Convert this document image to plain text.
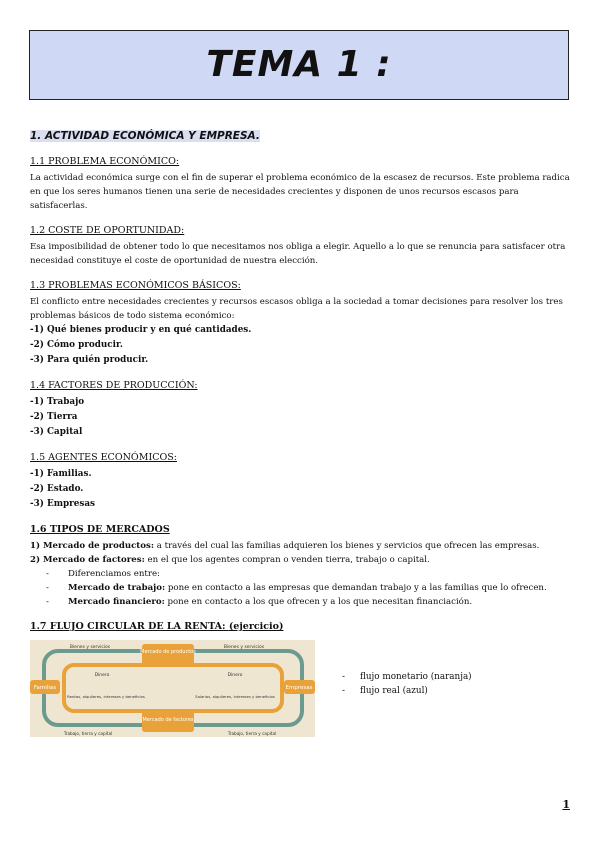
TEMA 1 :
1. ACTIVIDAD ECONÓMICA Y EMPRESA.
1.1 PROBLEMA ECONÓMICO:

La actividad económica surge con el fin de superar el problema económico de la escasez de recursos. Este problema radica en que los seres humanos tienen una serie de necesidades crecientes y disponen de unos recursos escasos para satisfacerlas.

1.2 COSTE DE OPORTUNIDAD:

Esa imposibilidad de obtener todo lo que necesitamos nos obliga a elegir. Aquello a lo que se renuncia para satisfacer otra necesidad constituye el coste de oportunidad de nuestra elección.

1.3 PROBLEMAS ECONÓMICOS BÁSICOS:

El conflicto entre necesidades crecientes y recursos escasos obliga a la sociedad a tomar decisiones para resolver los tres problemas básicos de todo sistema económico:

-1) Qué bienes producir y en qué cantidades.
-2) Cómo producir.
-3) Para quién producir.
1.4 FACTORES DE PRODUCCIÓN:
-1) Trabajo
-2) Tierra
-3) Capital
1.5 AGENTES ECONÓMICOS:
-1) Familias.
-2) Estado.
-3) Empresas
1.6 TIPOS DE MERCADOS

1) Mercado de productos: a través del cual las familias adquieren los bienes y servicios que ofrecen las empresas.

2) Mercado de factores: en el que los agentes compran o venden tierra, trabajo o capital.

-	Diferenciamos entre:
-	Mercado de trabajo: pone en contacto a las empresas que demandan trabajo y a las familias que lo ofrecen.
-	Mercado financiero: pone en contacto a los que ofrecen y a los que necesitan financiación.
1.7 FLUJO CIRCULAR DE LA RENTA: (ejercicio)
Mercado de productos
Mercado de factores
Familias	Empresas
Bienes y servicios	Bienes y servicios
Dinero	Dinero
Rentas, alquileres, intereses y beneficios	Salarios, alquileres, intereses y beneficios
Trabajo, tierra y capital	Trabajo, tierra y capital
- flujo monetario (naranja)
- flujo real (azul)
1
